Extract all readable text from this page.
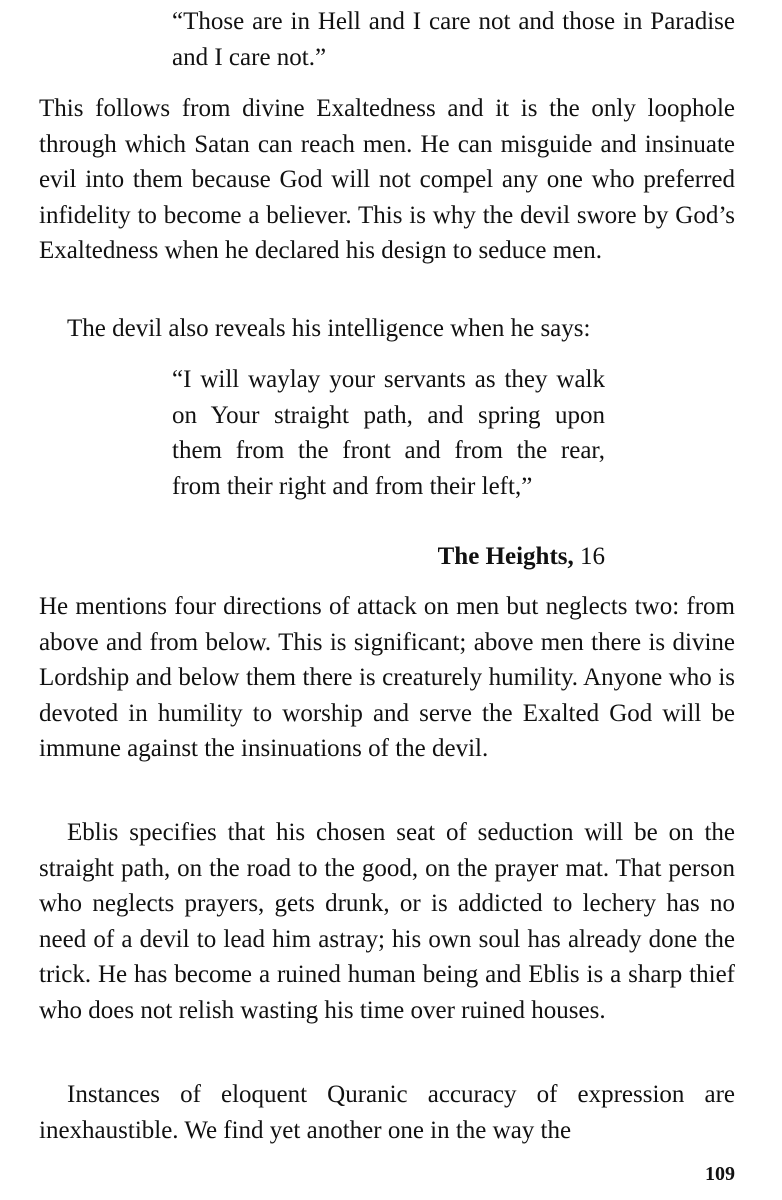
“Those are in Hell and I care not and those in Paradise and I care not.”

This follows from divine Exaltedness and it is the only loophole through which Satan can reach men. He can misguide and insinuate evil into them because God will not compel any one who preferred infidelity to become a believer. This is why the devil swore by God’s Exaltedness when he declared his design to seduce men.

The devil also reveals his intelligence when he says:

“I will waylay your servants as they walk on Your straight path, and spring upon them from the front and from the rear, from their right and from their left,”

The Heights, 16

He mentions four directions of attack on men but neglects two: from above and from below. This is significant; above men there is divine Lordship and below them there is creaturely humility. Anyone who is devoted in humility to worship and serve the Exalted God will be immune against the insinuations of the devil.

Eblis specifies that his chosen seat of seduction will be on the straight path, on the road to the good, on the prayer mat. That person who neglects prayers, gets drunk, or is addicted to lechery has no need of a devil to lead him astray; his own soul has already done the trick. He has become a ruined human being and Eblis is a sharp thief who does not relish wasting his time over ruined houses.

Instances of eloquent Quranic accuracy of expression are inexhaustible. We find yet another one in the way the

109
